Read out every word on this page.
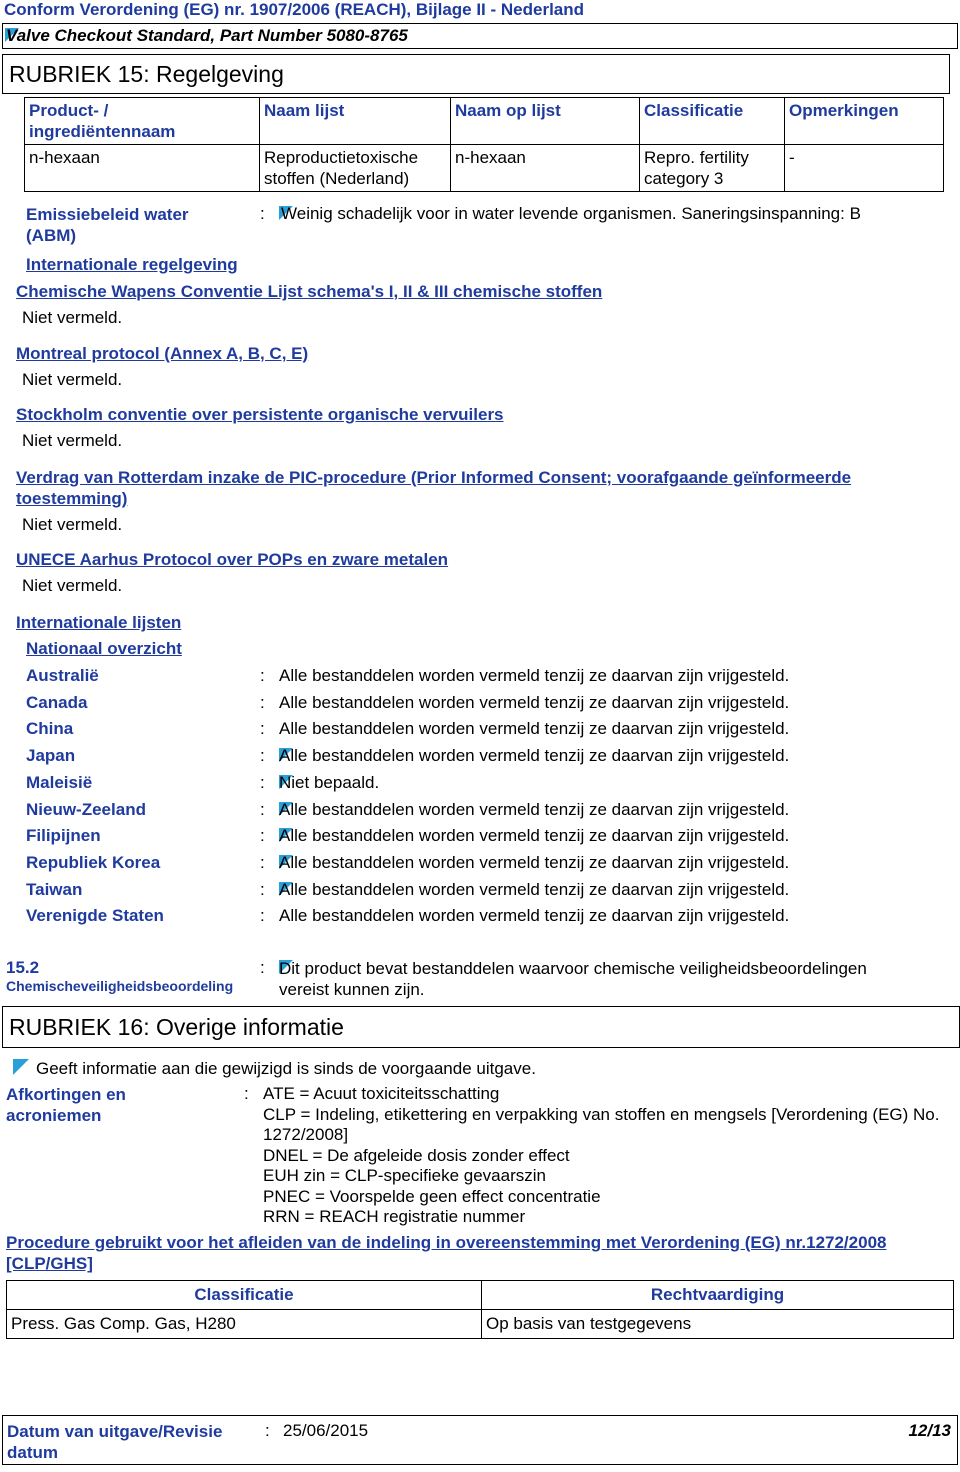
Conform Verordening (EG) nr. 1907/2006 (REACH), Bijlage II - Nederland
Valve Checkout Standard, Part Number 5080-8765
RUBRIEK 15: Regelgeving
Product- / ingrediëntennaam	Naam lijst	Naam op lijst	Classificatie	Opmerkingen
n-hexaan	Reproductietoxische stoffen (Nederland)	n-hexaan	Repro. fertility category 3	-
Emissiebeleid water (ABM)
: Weinig schadelijk voor in water levende organismen. Saneringsinspanning: B
Internationale regelgeving
Chemische Wapens Conventie Lijst schema's I, II & III chemische stoffen
Niet vermeld.
Montreal protocol (Annex A, B, C, E)
Niet vermeld.
Stockholm conventie over persistente organische vervuilers
Niet vermeld.
Verdrag van Rotterdam inzake de PIC-procedure (Prior Informed Consent; voorafgaande geïnformeerde toestemming)
Niet vermeld.
UNECE Aarhus Protocol over POPs en zware metalen
Niet vermeld.
Internationale lijsten
Nationaal overzicht
Australië	: Alle bestanddelen worden vermeld tenzij ze daarvan zijn vrijgesteld.
Canada	: Alle bestanddelen worden vermeld tenzij ze daarvan zijn vrijgesteld.
China	: Alle bestanddelen worden vermeld tenzij ze daarvan zijn vrijgesteld.
Japan	: Alle bestanddelen worden vermeld tenzij ze daarvan zijn vrijgesteld.
Maleisië	: Niet bepaald.
Nieuw-Zeeland	: Alle bestanddelen worden vermeld tenzij ze daarvan zijn vrijgesteld.
Filipijnen	: Alle bestanddelen worden vermeld tenzij ze daarvan zijn vrijgesteld.
Republiek Korea	: Alle bestanddelen worden vermeld tenzij ze daarvan zijn vrijgesteld.
Taiwan	: Alle bestanddelen worden vermeld tenzij ze daarvan zijn vrijgesteld.
Verenigde Staten	: Alle bestanddelen worden vermeld tenzij ze daarvan zijn vrijgesteld.
15.2
Chemischeveiligheidsbeoordeling
: Dit product bevat bestanddelen waarvoor chemische veiligheidsbeoordelingen vereist kunnen zijn.
RUBRIEK 16: Overige informatie
Geeft informatie aan die gewijzigd is sinds de voorgaande uitgave.
Afkortingen en acroniemen
: ATE = Acuut toxiciteitsschatting
CLP = Indeling, etikettering en verpakking van stoffen en mengsels [Verordening (EG) No. 1272/2008]
DNEL = De afgeleide dosis zonder effect
EUH zin = CLP-specifieke gevaarszin
PNEC = Voorspelde geen effect concentratie
RRN = REACH registratie nummer
Procedure gebruikt voor het afleiden van de indeling in overeenstemming met Verordening (EG) nr.1272/2008 [CLP/GHS]
Classificatie	Rechtvaardiging
Press. Gas Comp. Gas, H280	Op basis van testgegevens
Datum van uitgave/Revisie datum
: 25/06/2015	12/13
